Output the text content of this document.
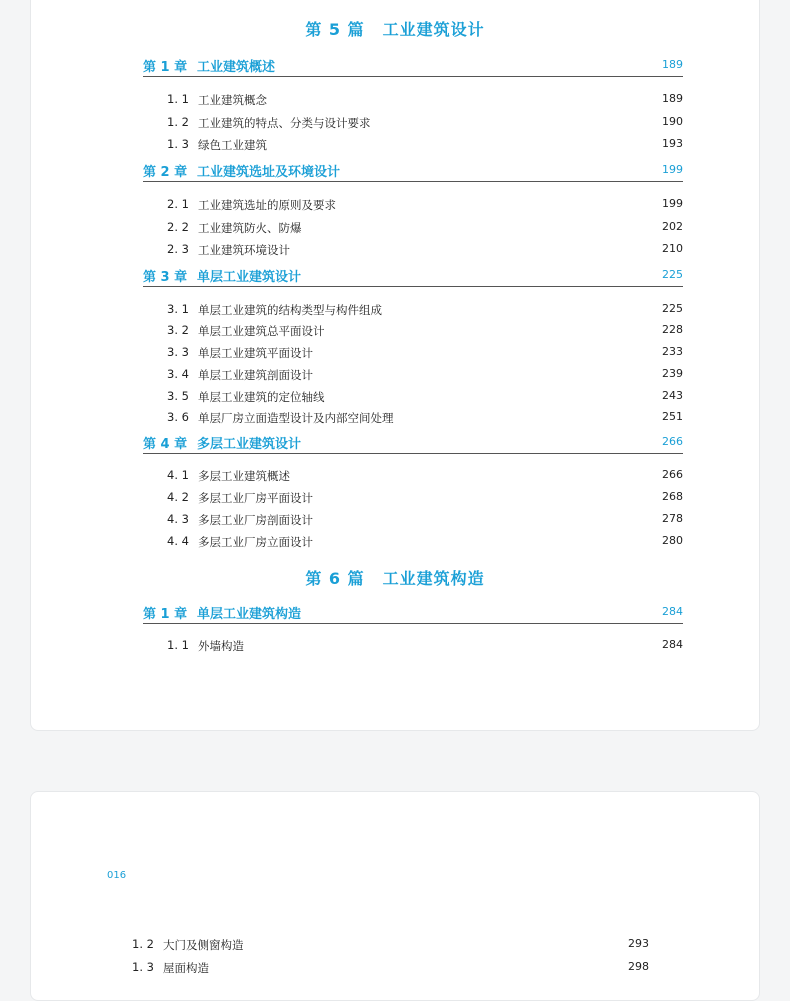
第 5 篇 工业建筑设计
第 1 章 工业建筑概述	189
1. 1 工业建筑概念	189
1. 2 工业建筑的特点、分类与设计要求	190
1. 3 绿色工业建筑	193
第 2 章 工业建筑选址及环境设计	199
2. 1 工业建筑选址的原则及要求	199
2. 2 工业建筑防火、防爆	202
2. 3 工业建筑环境设计	210
第 3 章 单层工业建筑设计	225
3. 1 单层工业建筑的结构类型与构件组成	225
3. 2 单层工业建筑总平面设计	228
3. 3 单层工业建筑平面设计	233
3. 4 单层工业建筑剖面设计	239
3. 5 单层工业建筑的定位轴线	243
3. 6 单层厂房立面造型设计及内部空间处理	251
第 4 章 多层工业建筑设计	266
4. 1 多层工业建筑概述	266
4. 2 多层工业厂房平面设计	268
4. 3 多层工业厂房剖面设计	278
4. 4 多层工业厂房立面设计	280
第 6 篇 工业建筑构造
第 1 章 单层工业建筑构造	284
1. 1 外墙构造	284
016
1. 2 大门及侧窗构造	293
1. 3 屋面构造	298
